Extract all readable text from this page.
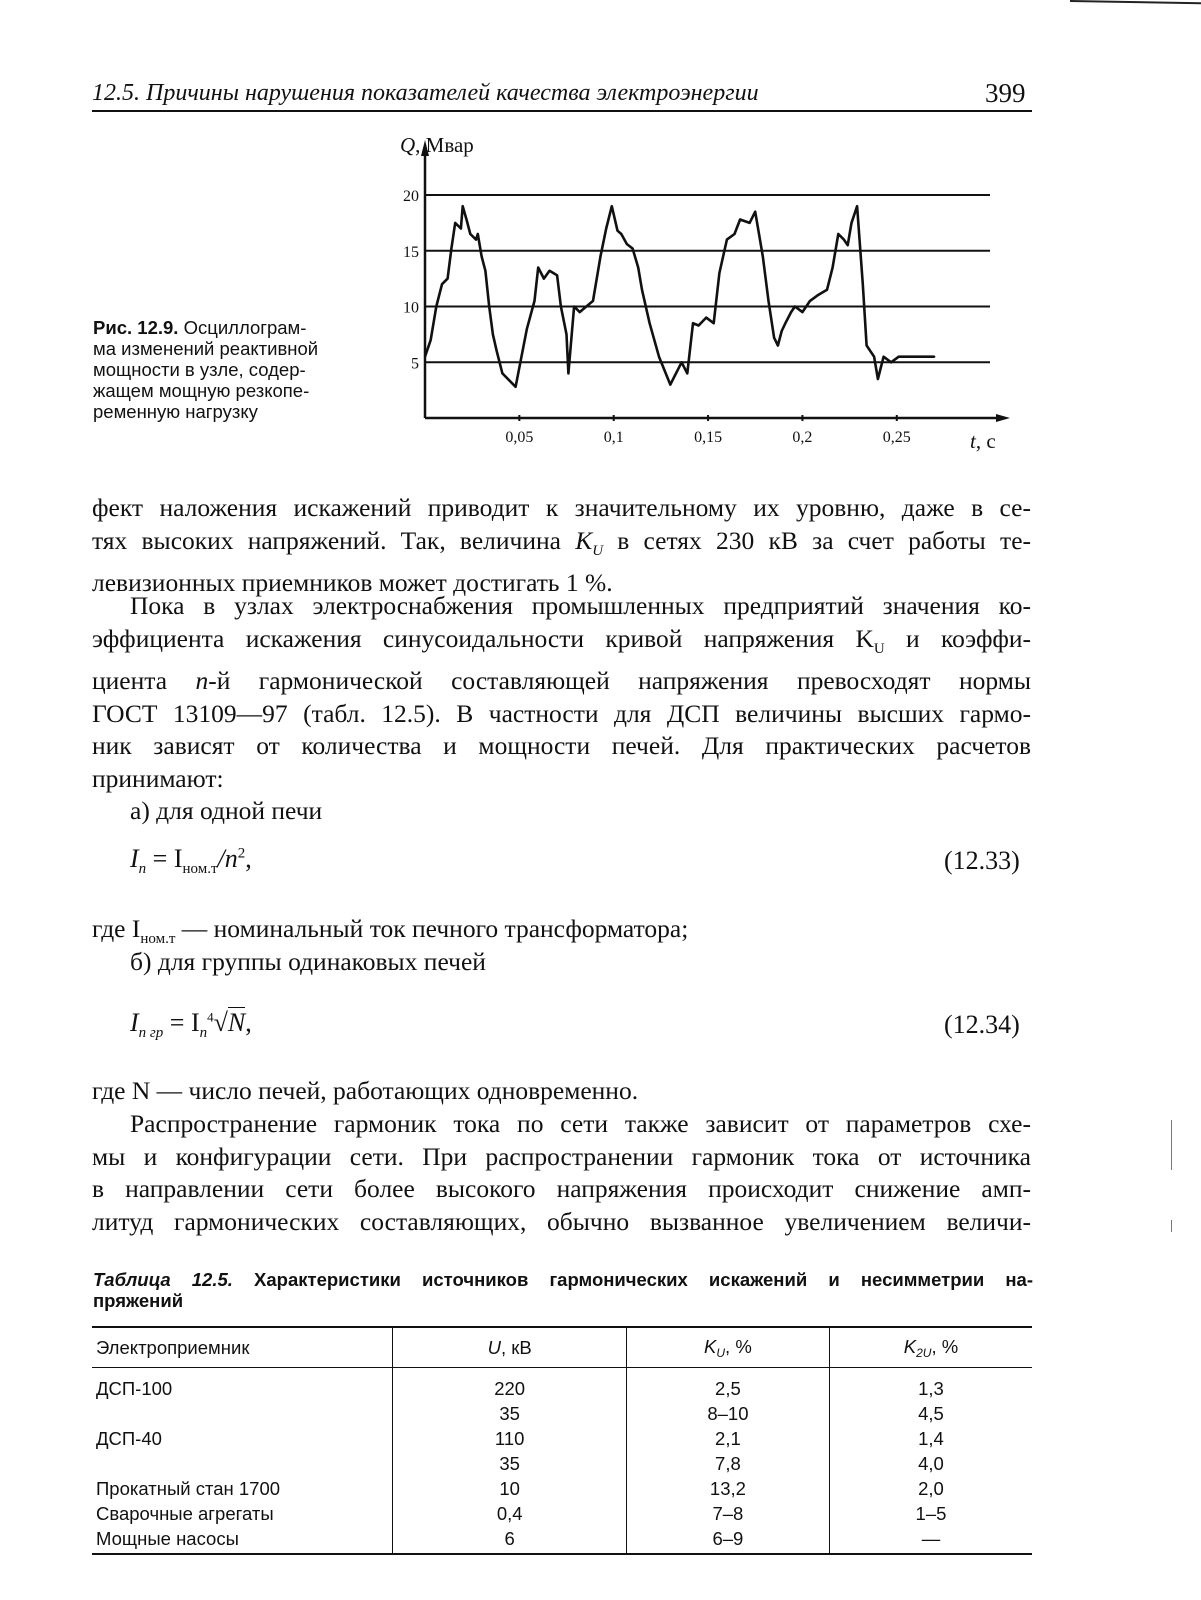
12.5. Причины нарушения показателей качества электроэнергии	399
Рис. 12.9. Осциллограм-
ма изменений реактивной
мощности в узле, содер-
жащем мощную резкопе-
ременную нагрузку
20
15
10
5
0,05	0,1	0,15	0,2	0,25
Q, Мвар
t, с
фект наложения искажений приводит к значительному их уровню, даже в се-
тях высоких напряжений. Так, величина $K_U$ в сетях 230 кВ за счет работы те-
левизионных приемников может достигать 1 %.
Пока в узлах электроснабжения промышленных предприятий значения ко-
эффициента искажения синусоидальности кривой напряжения $K_U$ и коэффи-
циента n-й гармонической составляющей напряжения превосходят нормы
ГОСТ 13109—97 (табл. 12.5). В частности для ДСП величины высших гармо-
ник зависят от количества и мощности печей. Для практических расчетов
принимают:
а) для одной печи
$I_n = I_{ном.т}/n^2$,	(12.33)
где $I_{ном.т}$ — номинальный ток печного трансформатора;
б) для группы одинаковых печей
$I_{n гр} = I_n^4√N$,	(12.34)
где N — число печей, работающих одновременно.
Распространение гармоник тока по сети также зависит от параметров схе-
мы и конфигурации сети. При распространении гармоник тока от источника
в направлении сети более высокого напряжения происходит снижение амп-
литуд гармонических составляющих, обычно вызванное увеличением величи-
Таблица 12.5. Характеристики источников гармонических искажений и несимметрии на-
пряжений
Электроприемник	U, кВ	$K_U$, %	$K_{2U}$, %
ДСП-100	220	2,5	1,3
	35	8–10	4,5
ДСП-40	110	2,1	1,4
	35	7,8	4,0
Прокатный стан 1700	10	13,2	2,0
Сварочные агрегаты	0,4	7–8	1–5
Мощные насосы	6	6–9	—
